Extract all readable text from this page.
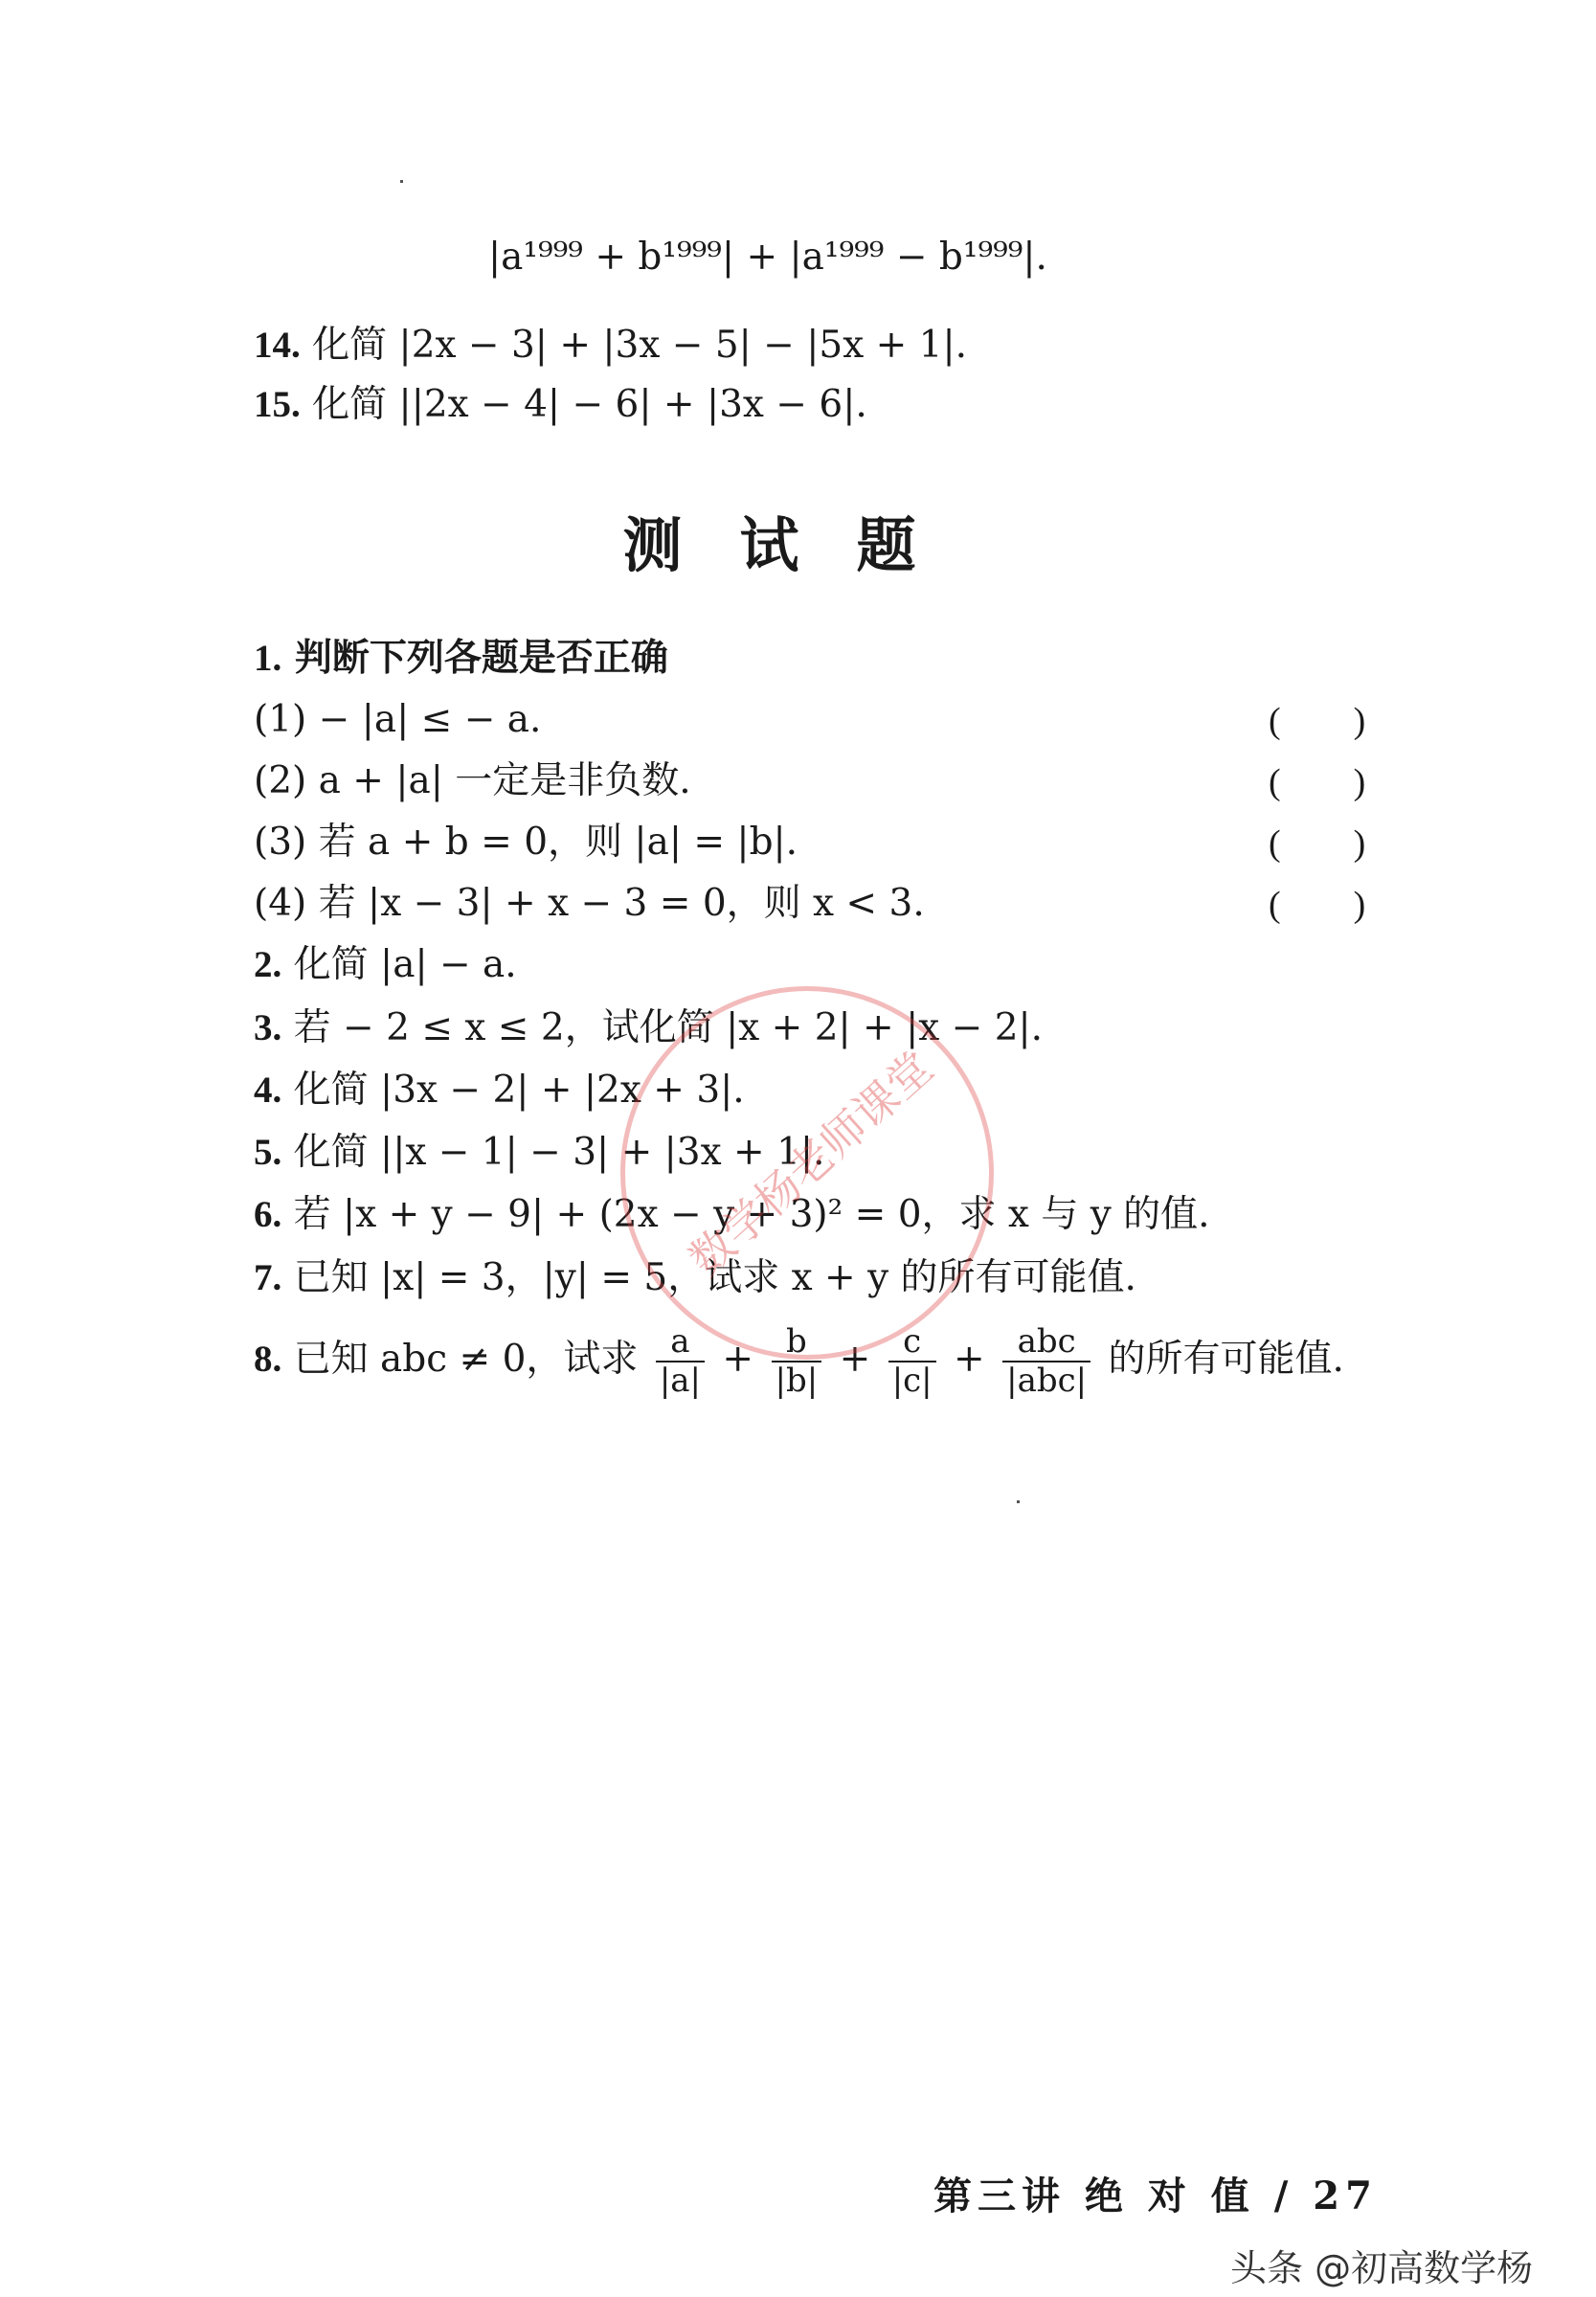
|a¹⁹⁹⁹ + b¹⁹⁹⁹| + |a¹⁹⁹⁹ − b¹⁹⁹⁹|.
14. 化简 |2x − 3| + |3x − 5| − |5x + 1|.
15. 化简 ||2x − 4| − 6| + |3x − 6|.
测试题
1. 判断下列各题是否正确
(1) − |a| ≤ − a.	(        )
(2) a + |a| 一定是非负数.	(        )
(3) 若 a + b = 0，则 |a| = |b|.	(        )
(4) 若 |x − 3| + x − 3 = 0，则 x < 3.	(        )
2. 化简 |a| − a.
3. 若 − 2 ≤ x ≤ 2，试化简 |x + 2| + |x − 2|.
4. 化简 |3x − 2| + |2x + 3|.
5. 化简 ||x − 1| − 3| + |3x + 1|.
6. 若 |x + y − 9| + (2x − y + 3)² = 0，求 x 与 y 的值.
7. 已知 |x| = 3，|y| = 5，试求 x + y 的所有可能值.
8. 已知 abc ≠ 0，试求 $\frac{a}{|a|} + \frac{b}{|b|} + \frac{c}{|c|} + \frac{\text{abc}}{\text{|abc|}}$ 的所有可能值.
数学杨老师课堂
第三讲 绝 对 值 / 27
头条 @初高数学杨
